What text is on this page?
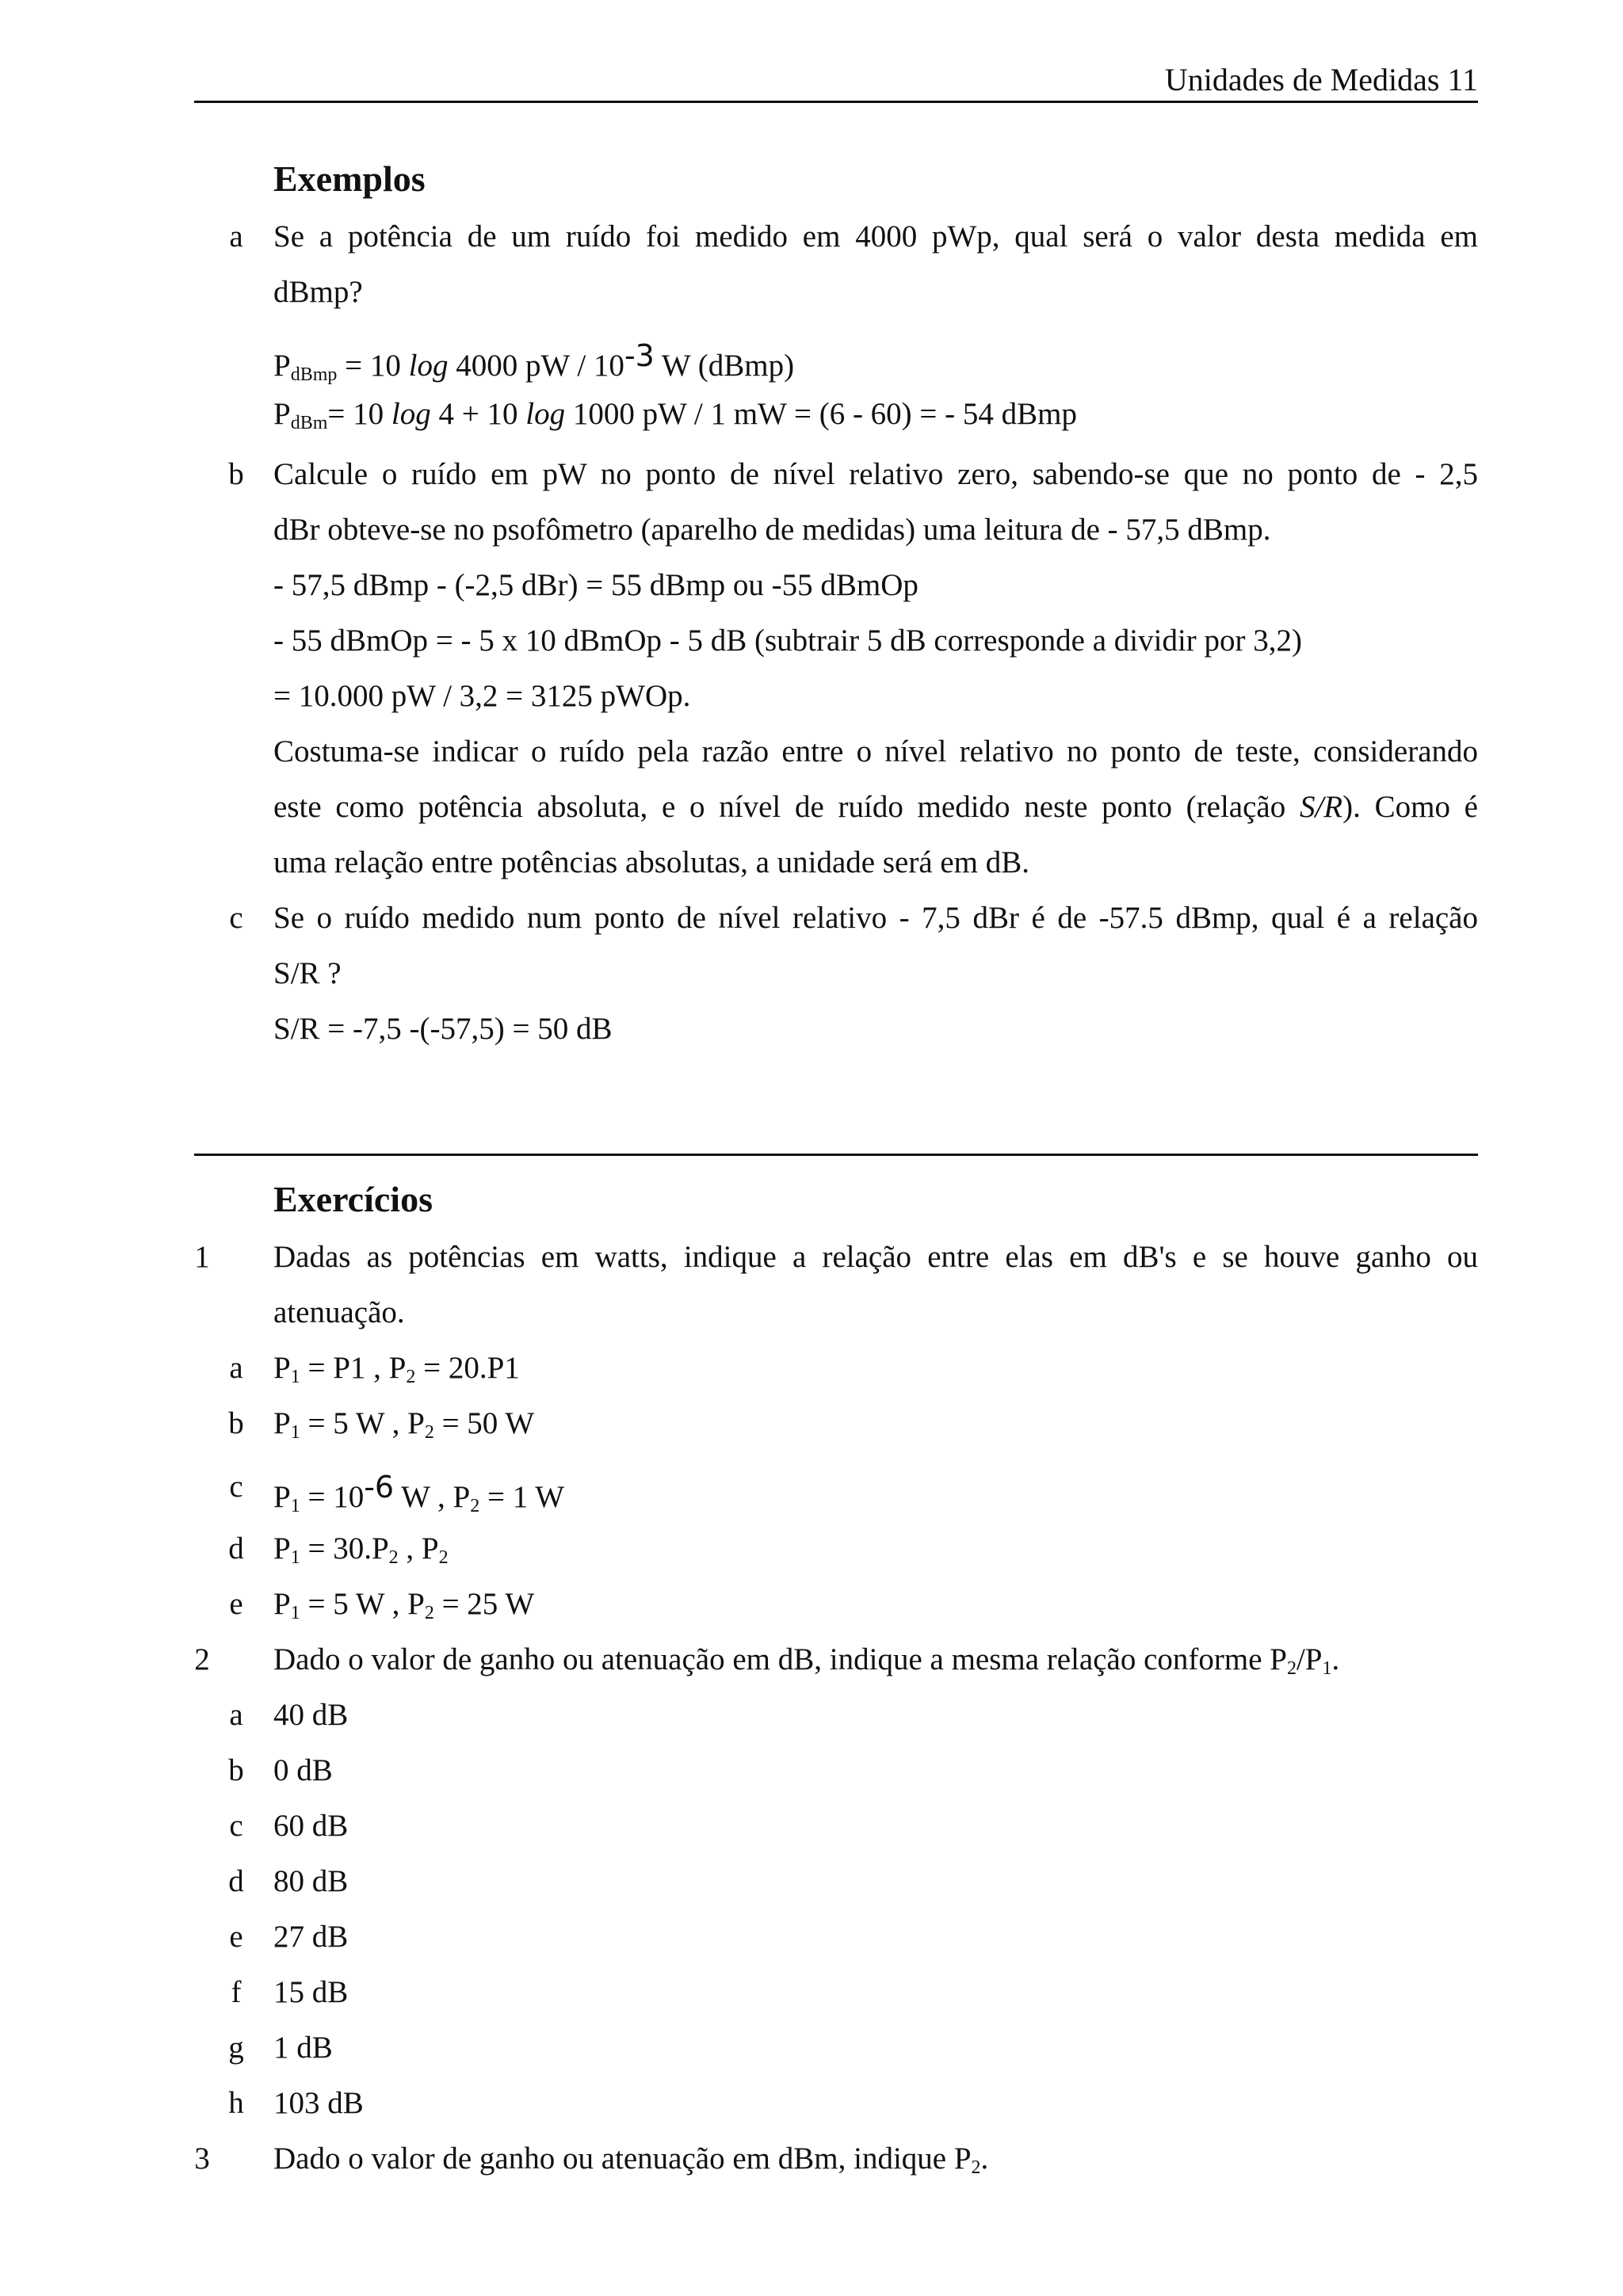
Unidades de Medidas 11
Exemplos
a Se a potência de um ruído foi medido em 4000 pWp, qual será o valor desta medida em
dBmp?
$P_{dBmp} = 10$ log 4000 pW / 10-3 W (dBmp)
$P_{dBm}= 10$ log 4 + 10 log 1000 pW / 1 mW = (6 - 60) = - 54 dBmp
b Calcule o ruído em pW no ponto de nível relativo zero, sabendo-se que no ponto de - 2,5
dBr obteve-se no psofômetro (aparelho de medidas) uma leitura de - 57,5 dBmp.
- 57,5 dBmp - (-2,5 dBr) = 55 dBmp ou -55 dBmOp
- 55 dBmOp = - 5 x 10 dBmOp - 5 dB (subtrair 5 dB corresponde a dividir por 3,2)
= 10.000 pW / 3,2 = 3125 pWOp.
Costuma-se indicar o ruído pela razão entre o nível relativo no ponto de teste, considerando
este como potência absoluta, e o nível de ruído medido neste ponto (relação S/R). Como é
uma relação entre potências absolutas, a unidade será em dB.
c Se o ruído medido num ponto de nível relativo - 7,5 dBr é de -57.5 dBmp, qual é a relação
S/R ?
S/R = -7,5 -(-57,5) = 50 dB
Exercícios
1	Dadas as potências em watts, indique a relação entre elas em dB's e se houve ganho ou
atenuação.
a $P_1 = P1$ , $P_2 = 20.P1$
b $P_1 = 5$ W , $P_2 = 50$ W
c $P_1 = 10-6$ W , $P_2 = 1$ W
d $P_1 = 30.P_2$ , $P_2$
e $P_1 = 5$ W , $P_2 = 25$ W
2	Dado o valor de ganho ou atenuação em dB, indique a mesma relação conforme $P_2/P_1$.
a 40 dB
b 0 dB
c 60 dB
d 80 dB
e 27 dB
f	15 dB
g 1 dB
h 103 dB
3	Dado o valor de ganho ou atenuação em dBm, indique $P_2$.
